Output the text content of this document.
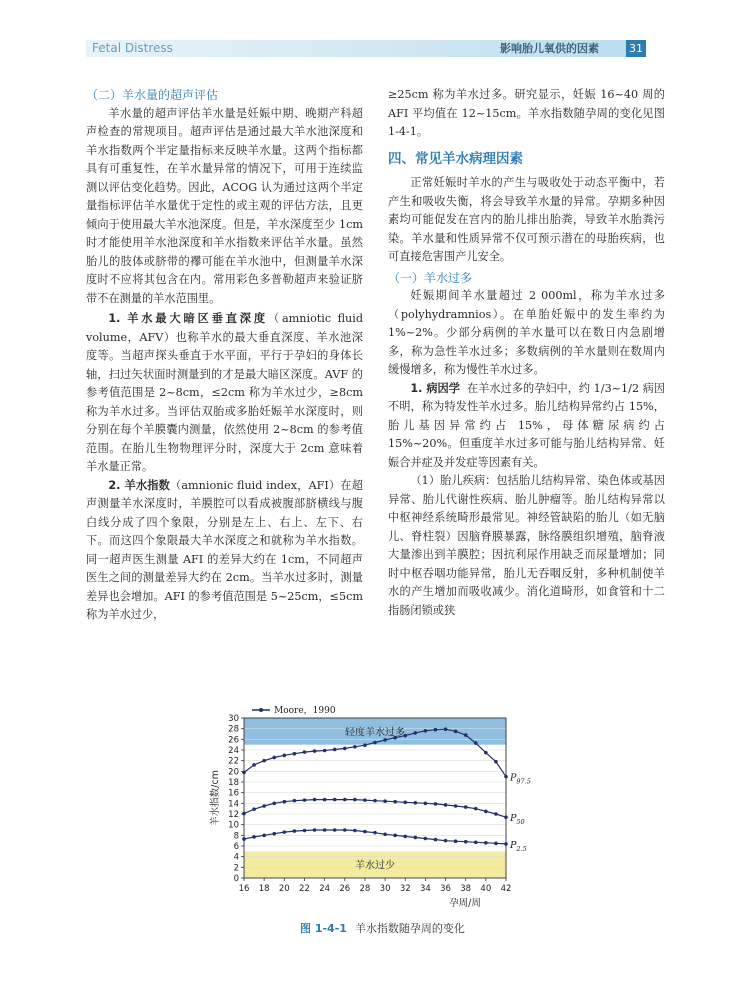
Fetal Distress	影响胎儿氧供的因素	31

（二）羊水量的超声评估

羊水量的超声评估羊水量是妊娠中期、晚期产科超声检查的常规项目。超声评估是通过最大羊水池深度和羊水指数两个半定量指标来反映羊水量。这两个指标都具有可重复性，在羊水量异常的情况下，可用于连续监测以评估变化趋势。因此，ACOG 认为通过这两个半定量指标评估羊水量优于定性的或主观的评估方法，且更倾向于使用最大羊水池深度。但是，羊水深度至少 1cm 时才能使用羊水池深度和羊水指数来评估羊水量。虽然胎儿的肢体或脐带的襻可能在羊水池中，但测量羊水深度时不应将其包含在内。常用彩色多普勒超声来验证脐带不在测量的羊水范围里。

1. 羊水最大暗区垂直深度（amniotic fluid volume，AFV）也称羊水的最大垂直深度、羊水池深度等。当超声探头垂直于水平面，平行于孕妇的身体长轴，扫过矢状面时测量到的才是最大暗区深度。AVF 的参考值范围是 2~8cm，≤2cm 称为羊水过少，≥8cm 称为羊水过多。当评估双胎或多胎妊娠羊水深度时，则分别在每个羊膜囊内测量，依然使用 2~8cm 的参考值范围。在胎儿生物物理评分时，深度大于 2cm 意味着羊水量正常。

2. 羊水指数（amnionic fluid index，AFI）在超声测量羊水深度时，羊膜腔可以看成被腹部脐横线与腹白线分成了四个象限，分别是左上、右上、左下、右下。而这四个象限最大羊水深度之和就称为羊水指数。同一超声医生测量 AFI 的差异大约在 1cm，不同超声医生之间的测量差异大约在 2cm。当羊水过多时，测量差异也会增加。AFI 的参考值范围是 5~25cm，≤5cm 称为羊水过少，

≥25cm 称为羊水过多。研究显示，妊娠 16~40 周的 AFI 平均值在 12~15cm。羊水指数随孕周的变化见图 1-4-1。

四、常见羊水病理因素

正常妊娠时羊水的产生与吸收处于动态平衡中，若产生和吸收失衡，将会导致羊水量的异常。孕期多种因素均可能促发在宫内的胎儿排出胎粪，导致羊水胎粪污染。羊水量和性质异常不仅可预示潜在的母胎疾病，也可直接危害围产儿安全。

（一）羊水过多

妊娠期间羊水量超过 2 000ml，称为羊水过多（polyhydramnios）。在单胎妊娠中的发生率约为 1%~2%。少部分病例的羊水量可以在数日内急剧增多，称为急性羊水过多；多数病例的羊水量则在数周内缓慢增多，称为慢性羊水过多。

1. 病因学 在羊水过多的孕妇中，约 1/3~1/2 病因不明，称为特发性羊水过多。胎儿结构异常约占 15%，胎儿基因异常约占 15%，母体糖尿病约占 15%~20%。但重度羊水过多可能与胎儿结构异常、妊娠合并症及并发症等因素有关。

（1）胎儿疾病：包括胎儿结构异常、染色体或基因异常、胎儿代谢性疾病、胎儿肿瘤等。胎儿结构异常以中枢神经系统畸形最常见。神经管缺陷的胎儿（如无脑儿、脊柱裂）因脑脊膜暴露，脉络膜组织增殖，脑脊液大量渗出到羊膜腔；因抗利尿作用缺乏而尿量增加；同时中枢吞咽功能异常，胎儿无吞咽反射，多种机制使羊水的产生增加而吸收减少。消化道畸形，如食管和十二指肠闭锁或狭

0
2
4
6
8
10
12
14
16
18
20
22
24
26
28
30
16 18 20 22 24 26 28 30 32 34 36 38 40 42
孕周/周
羊水指数/cm
轻度羊水过多
羊水过少
Moore，1990
$P_{97.5}$
$P_{50}$
$P_{2.5}$
图 1-4-1 羊水指数随孕周的变化
